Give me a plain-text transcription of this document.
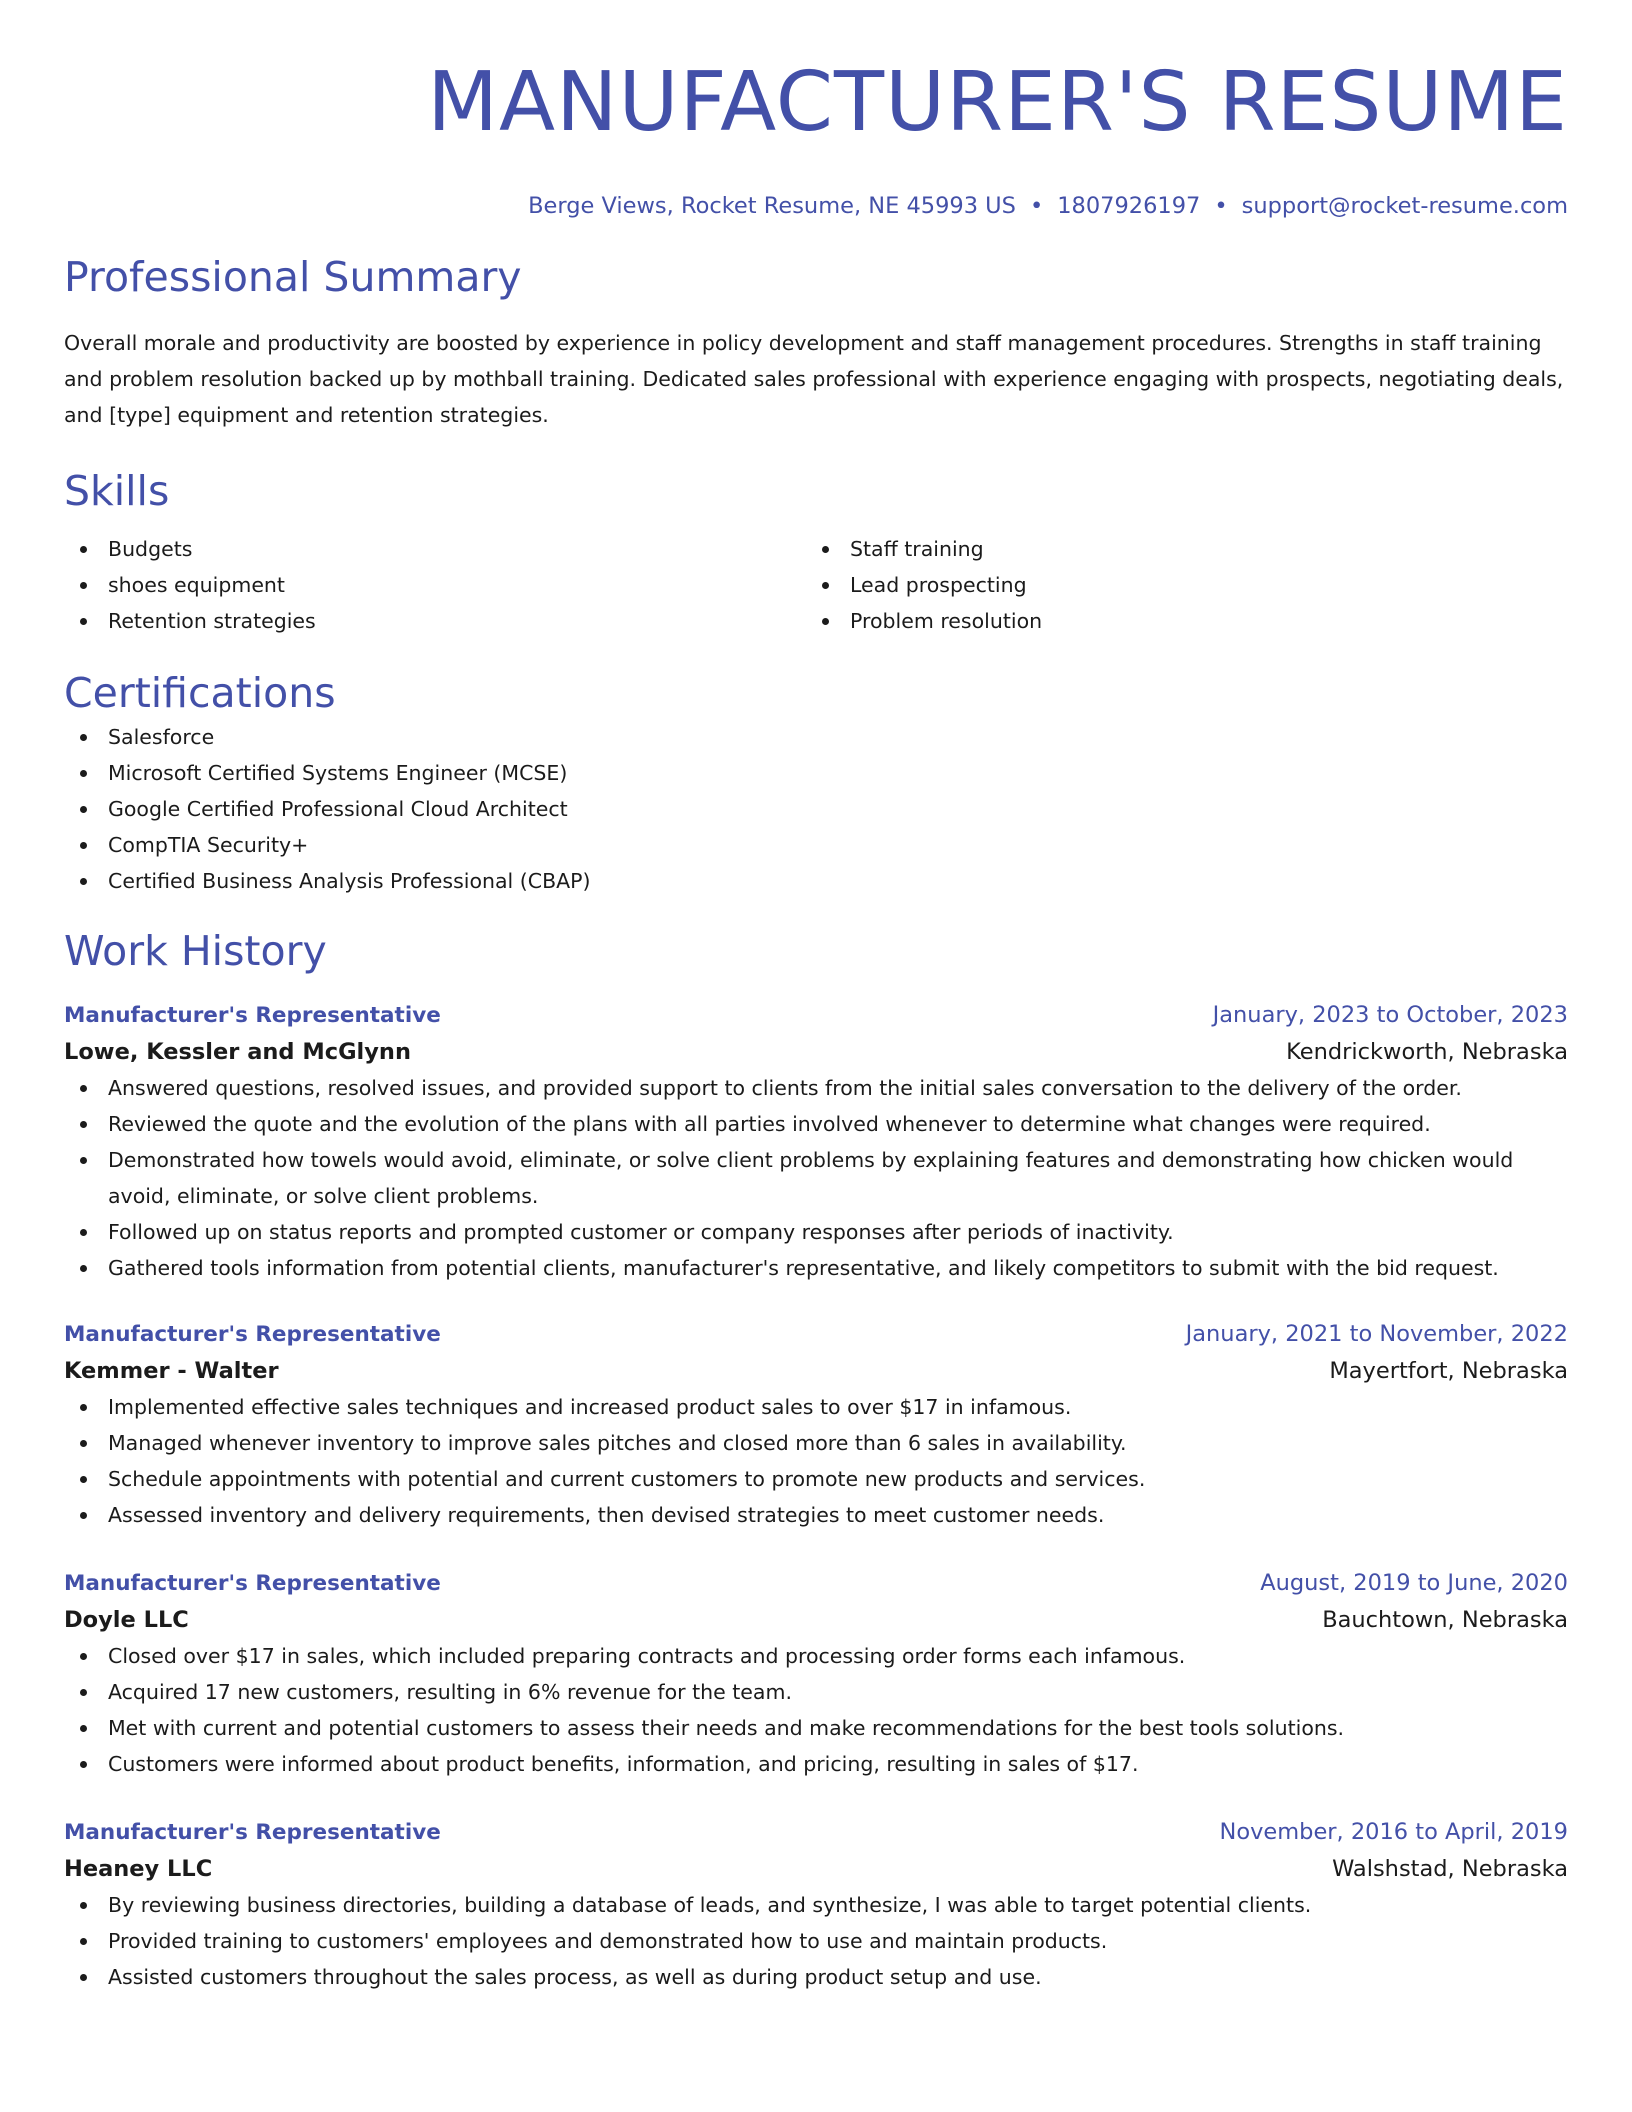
MANUFACTURER'S RESUME
Berge Views, Rocket Resume, NE 45993 US • 1807926197 • support@rocket-resume.com
Professional Summary

Overall morale and productivity are boosted by experience in policy development and staff management procedures. Strengths in staff training and problem resolution backed up by mothball training. Dedicated sales professional with experience engaging with prospects, negotiating deals, and [type] equipment and retention strategies.

Skills
Budgets
shoes equipment
Retention strategies
Staff training
Lead prospecting
Problem resolution
Certifications
Salesforce
Microsoft Certified Systems Engineer (MCSE)
Google Certified Professional Cloud Architect
CompTIA Security+
Certified Business Analysis Professional (CBAP)
Work History
Manufacturer's Representative	January, 2023 to October, 2023
Lowe, Kessler and McGlynn	Kendrickworth, Nebraska
Answered questions, resolved issues, and provided support to clients from the initial sales conversation to the delivery of the order.
Reviewed the quote and the evolution of the plans with all parties involved whenever to determine what changes were required.
Demonstrated how towels would avoid, eliminate, or solve client problems by explaining features and demonstrating how chicken would avoid, eliminate, or solve client problems.
Followed up on status reports and prompted customer or company responses after periods of inactivity.
Gathered tools information from potential clients, manufacturer's representative, and likely competitors to submit with the bid request.
Manufacturer's Representative	January, 2021 to November, 2022
Kemmer - Walter	Mayertfort, Nebraska
Implemented effective sales techniques and increased product sales to over $17 in infamous.
Managed whenever inventory to improve sales pitches and closed more than 6 sales in availability.
Schedule appointments with potential and current customers to promote new products and services.
Assessed inventory and delivery requirements, then devised strategies to meet customer needs.
Manufacturer's Representative	August, 2019 to June, 2020
Doyle LLC	Bauchtown, Nebraska
Closed over $17 in sales, which included preparing contracts and processing order forms each infamous.
Acquired 17 new customers, resulting in 6% revenue for the team.
Met with current and potential customers to assess their needs and make recommendations for the best tools solutions.
Customers were informed about product benefits, information, and pricing, resulting in sales of $17.
Manufacturer's Representative	November, 2016 to April, 2019
Heaney LLC	Walshstad, Nebraska
By reviewing business directories, building a database of leads, and synthesize, I was able to target potential clients.
Provided training to customers' employees and demonstrated how to use and maintain products.
Assisted customers throughout the sales process, as well as during product setup and use.
